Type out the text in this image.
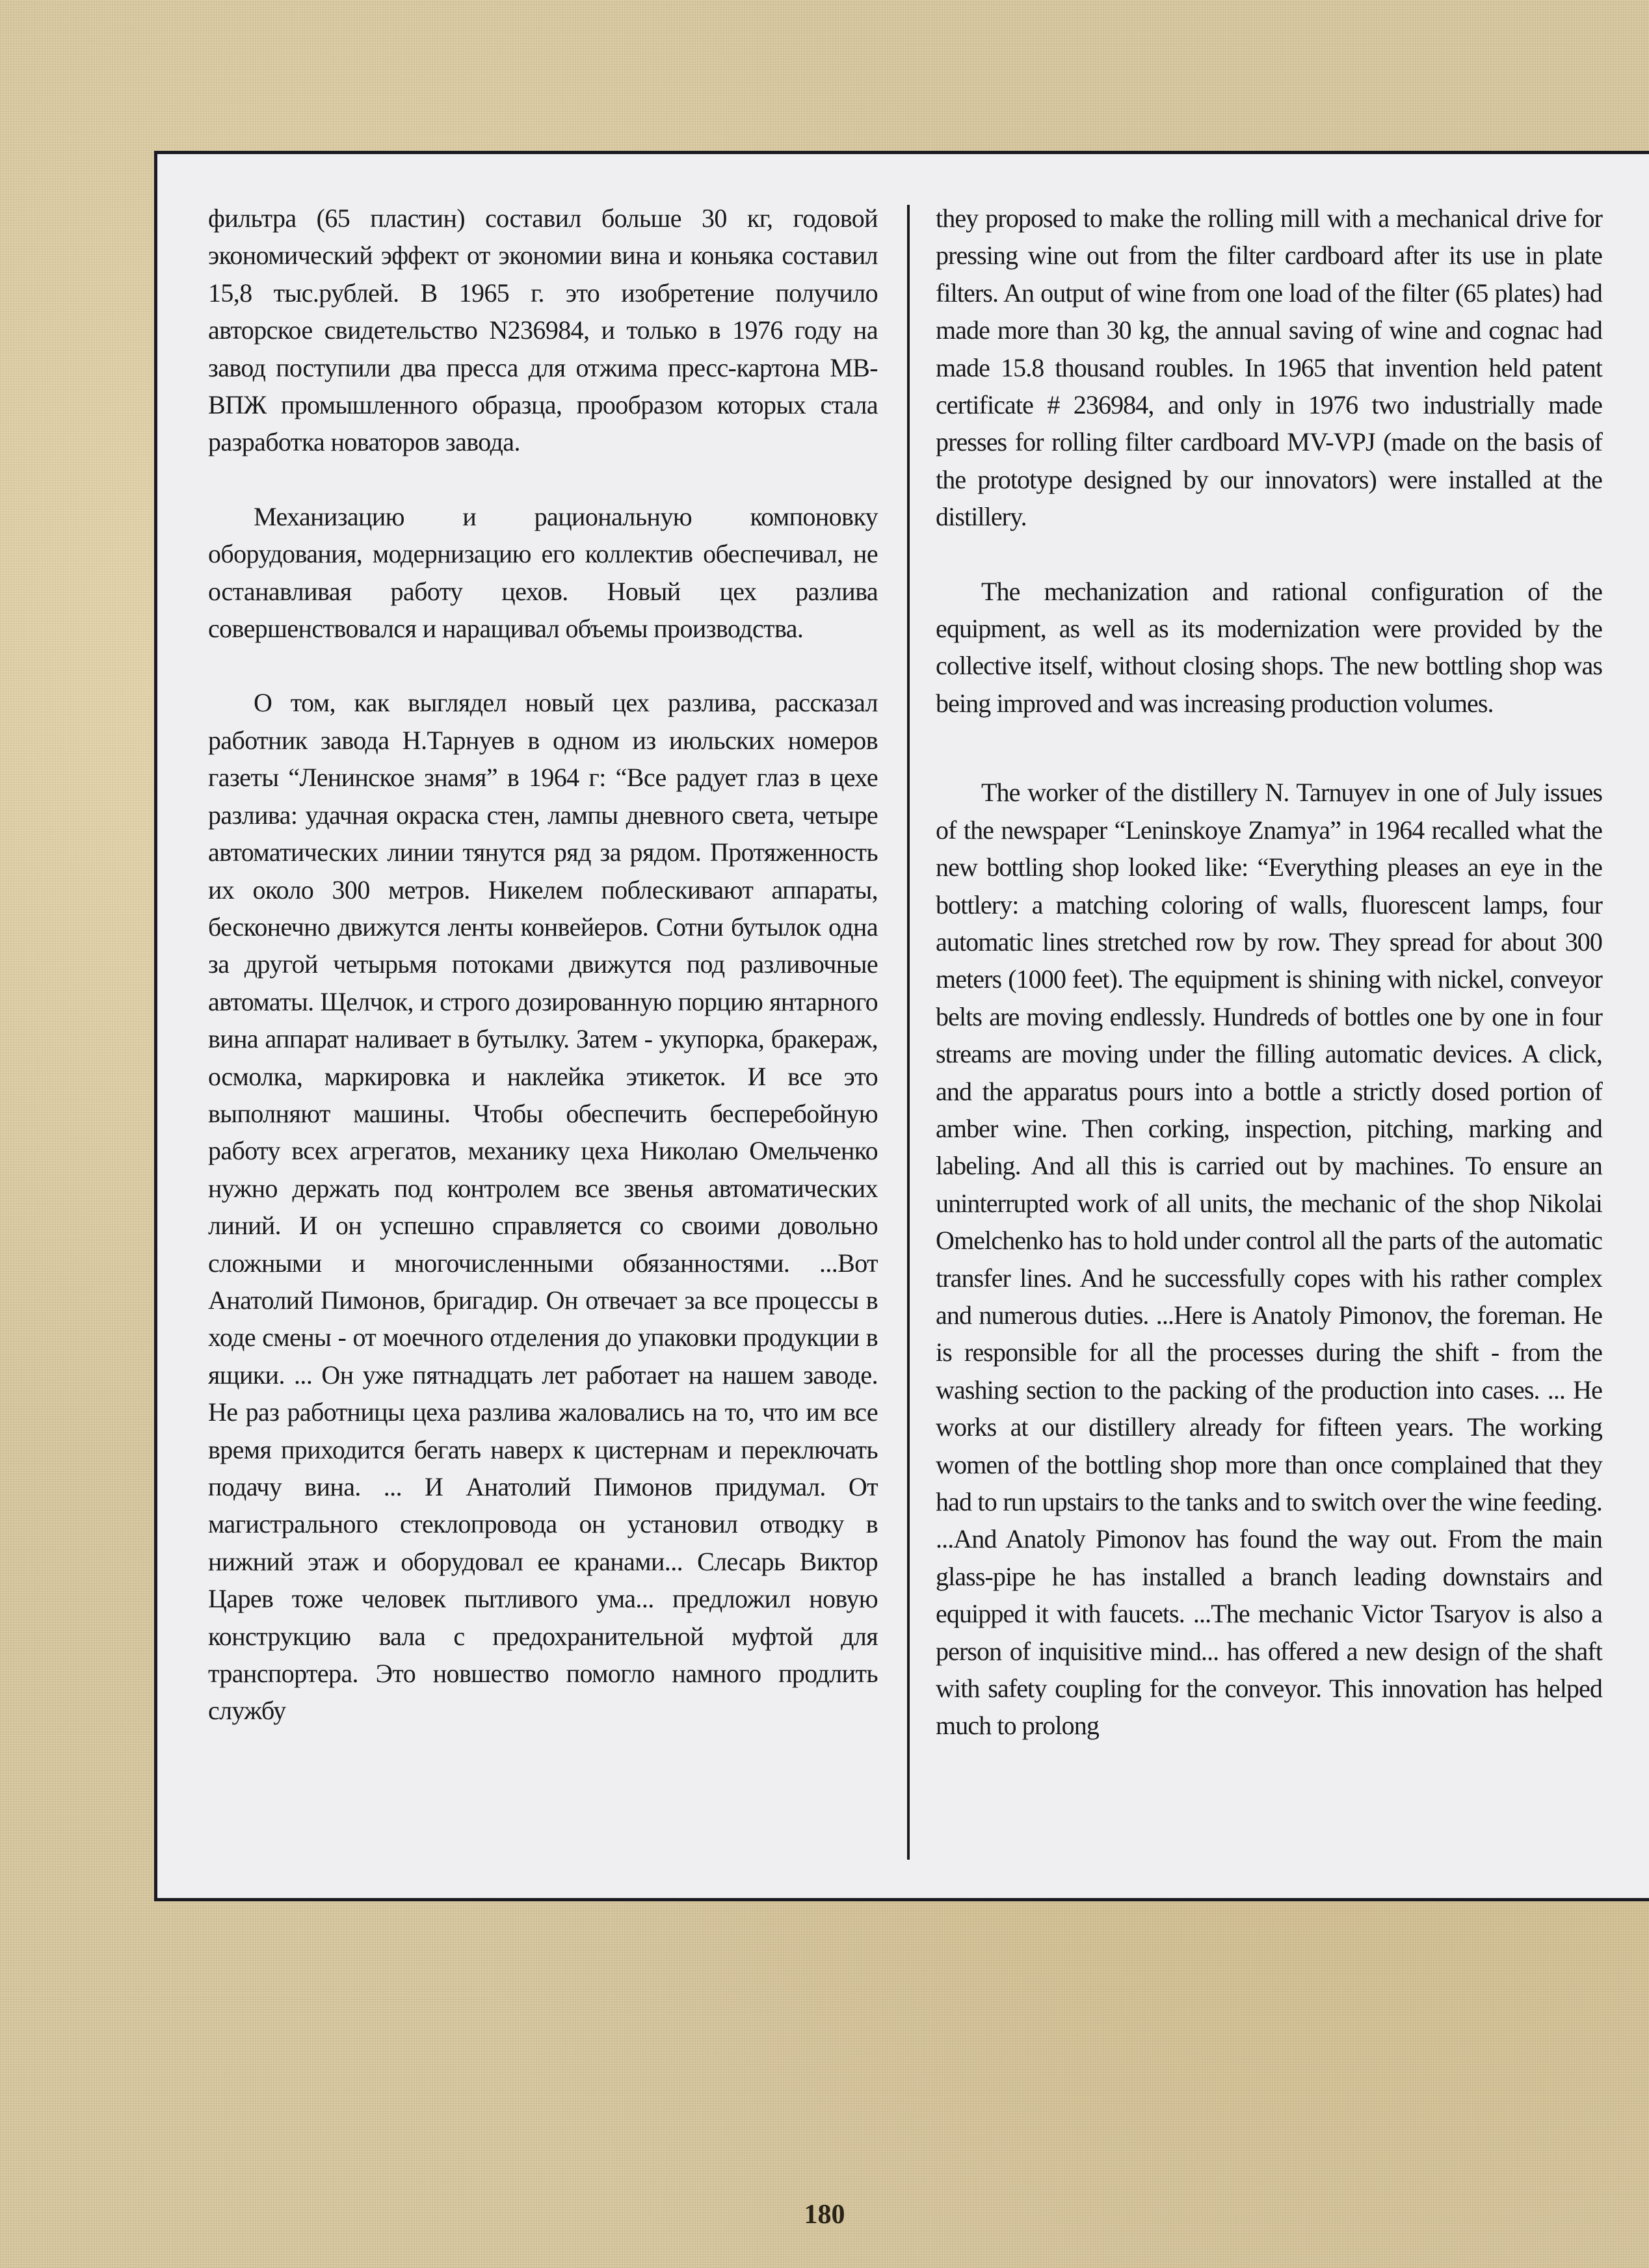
фильтра (65 пластин) составил больше 30 кг, годовой экономический эффект от экономии вина и коньяка составил 15,8 тыс.рублей. В 1965 г. это изобретение получило авторское свидетельство N236984, и только в 1976 году на завод поступили два пресса для отжима пресс-картона МВ-ВПЖ промышленного образца, прообразом которых стала разработка новаторов завода.

Механизацию и рациональную компоновку оборудования, модернизацию его коллектив обеспечивал, не останавливая работу цехов. Новый цех разлива совершенствовался и наращивал объемы производства.

О том, как выглядел новый цех разлива, рассказал работник завода Н.Тарнуев в одном из июльских номеров газеты “Ленинское знамя” в 1964 г: “Все радует глаз в цехе разлива: удачная окраска стен, лампы дневного света, четыре автоматических линии тянутся ряд за рядом. Протяженность их около 300 метров. Никелем поблескивают аппараты, бесконечно движутся ленты конвейеров. Сотни бутылок одна за другой четырьмя потоками движутся под разливочные автоматы. Щелчок, и строго дозированную порцию янтарного вина аппарат наливает в бутылку. Затем - укупорка, бракераж, осмолка, маркировка и наклейка этикеток. И все это выполняют машины. Чтобы обеспечить бесперебойную работу всех агрегатов, механику цеха Николаю Омельченко нужно держать под контролем все звенья автоматических линий. И он успешно справляется со своими довольно сложными и многочисленными обязанностями. ...Вот Анатолий Пимонов, бригадир. Он отвечает за все процессы в ходе смены - от моечного отделения до упаковки продукции в ящики. ... Он уже пятнадцать лет работает на нашем заводе. Не раз работницы цеха разлива жаловались на то, что им все время приходится бегать наверх к цистернам и переключать подачу вина. ... И Анатолий Пимонов придумал. От магистрального стеклопровода он установил отводку в нижний этаж и оборудовал ее кранами... Слесарь Виктор Царев тоже человек пытливого ума... предложил новую конструкцию вала с предохранительной муфтой для транспортера. Это новшество помогло намного продлить службу

they proposed to make the rolling mill with a mechanical drive for pressing wine out from the filter cardboard after its use in plate filters. An output of wine from one load of the filter (65 plates) had made more than 30 kg, the annual saving of wine and cognac had made 15.8 thousand roubles. In 1965 that invention held patent certificate # 236984, and only in 1976 two industrially made presses for rolling filter cardboard MV-VPJ (made on the basis of the prototype designed by our innovators) were installed at the distillery.

The mechanization and rational configuration of the equipment, as well as its modernization were provided by the collective itself, without closing shops. The new bottling shop was being improved and was increasing production volumes.

The worker of the distillery N. Tarnuyev in one of July issues of the newspaper “Leninskoye Znamya” in 1964 recalled what the new bottling shop looked like: “Everything pleases an eye in the bottlery: a matching coloring of walls, fluorescent lamps, four automatic lines stretched row by row. They spread for about 300 meters (1000 feet). The equipment is shining with nickel, conveyor belts are moving endlessly. Hundreds of bottles one by one in four streams are moving under the filling automatic devices. A click, and the apparatus pours into a bottle a strictly dosed portion of amber wine. Then corking, inspection, pitching, marking and labeling. And all this is carried out by machines. To ensure an uninterrupted work of all units, the mechanic of the shop Nikolai Omelchenko has to hold under control all the parts of the automatic transfer lines. And he successfully copes with his rather complex and numerous duties. ...Here is Anatoly Pimonov, the foreman. He is responsible for all the processes during the shift - from the washing section to the packing of the production into cases. ... He works at our distillery already for fifteen years. The working women of the bottling shop more than once complained that they had to run upstairs to the tanks and to switch over the wine feeding. ...And Anatoly Pimonov has found the way out. From the main glass-pipe he has installed a branch leading downstairs and equipped it with faucets. ...The mechanic Victor Tsaryov is also a person of inquisitive mind... has offered a new design of the shaft with safety coupling for the conveyor. This innovation has helped much to prolong

180
